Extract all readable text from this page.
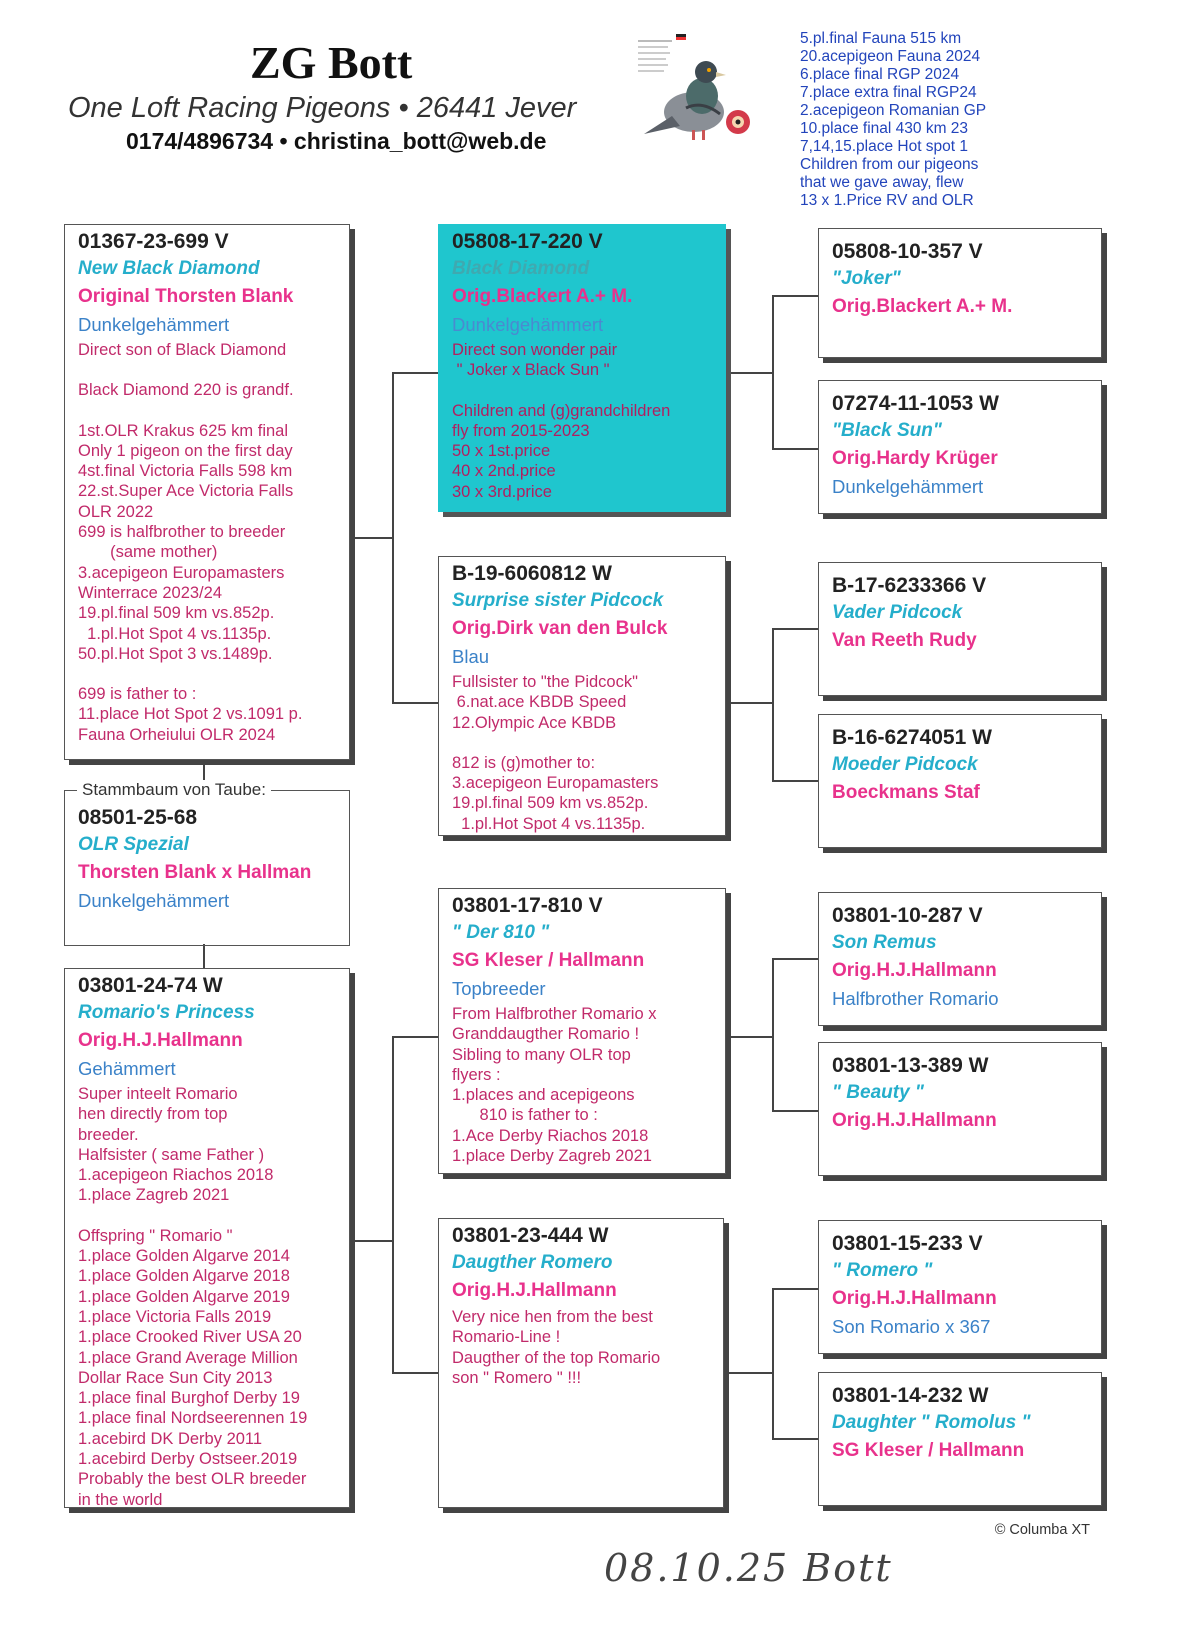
ZG Bott
One Loft Racing Pigeons • 26441 Jever
0174/4896734 • christina_bott@web.de
5.pl.final Fauna 515 km
20.acepigeon Fauna 2024
6.place final RGP 2024
7.place extra final RGP24
2.acepigeon Romanian GP
10.place final 430 km 23
7,14,15.place Hot spot 1
Children from our pigeons
that we gave away, flew
13 x 1.Price RV and OLR
Stammbaum von Taube:
08501-25-68
OLR Spezial
Thorsten Blank x Hallman
Dunkelgehämmert
01367-23-699 V
New Black Diamond
Original Thorsten Blank
Dunkelgehämmert
Direct son of Black Diamond
Black Diamond 220 is grandf.
1st.OLR Krakus 625 km final
Only 1 pigeon on the first day
4st.final Victoria Falls 598 km
22.st.Super Ace Victoria Falls
OLR 2022
699 is halfbrother to breeder
(same mother)
3.acepigeon Europamasters
Winterrace 2023/24
19.pl.final 509 km vs.852p.
1.pl.Hot Spot 4 vs.1135p.
50.pl.Hot Spot 3 vs.1489p.
699 is father to :
11.place Hot Spot 2 vs.1091 p.
Fauna Orheiului OLR 2024
03801-24-74 W
Romario's Princess
Orig.H.J.Hallmann
Gehämmert
Super inteelt Romario
hen directly from top
breeder.
Halfsister ( same Father )
1.acepigeon Riachos 2018
1.place Zagreb 2021
Offspring " Romario "
1.place Golden Algarve 2014
1.place Golden Algarve 2018
1.place Golden Algarve 2019
1.place Victoria Falls 2019
1.place Crooked River USA 20
1.place Grand Average Million
Dollar Race Sun City 2013
1.place final Burghof Derby 19
1.place final Nordseerennen 19
1.acebird DK Derby 2011
1.acebird Derby Ostseer.2019
Probably the best OLR breeder
in the world
05808-17-220 V
Black Diamond
Orig.Blackert A.+ M.
Dunkelgehämmert
Direct son wonder pair
" Joker x Black Sun "
Children and (g)grandchildren
fly from 2015-2023
50 x 1st.price
40 x 2nd.price
30 x 3rd.price
B-19-6060812 W
Surprise sister Pidcock
Orig.Dirk van den Bulck
Blau
Fullsister to "the Pidcock"
6.nat.ace KBDB Speed
12.Olympic Ace KBDB
812 is (g)mother to:
3.acepigeon Europamasters
19.pl.final 509 km vs.852p.
1.pl.Hot Spot 4 vs.1135p.
03801-17-810 V
" Der 810 "
SG Kleser / Hallmann
Topbreeder
From Halfbrother Romario x
Granddaugther Romario !
Sibling to many OLR top
flyers :
1.places and acepigeons
810 is father to :
1.Ace Derby Riachos 2018
1.place Derby Zagreb 2021
03801-23-444 W
Daugther Romero
Orig.H.J.Hallmann
Very nice hen from the best
Romario-Line !
Daugther of the top Romario
son " Romero " !!!
05808-10-357 V
"Joker"
Orig.Blackert A.+ M.
07274-11-1053 W
"Black Sun"
Orig.Hardy Krüger
Dunkelgehämmert
B-17-6233366 V
Vader Pidcock
Van Reeth Rudy
B-16-6274051 W
Moeder Pidcock
Boeckmans Staf
03801-10-287 V
Son Remus
Orig.H.J.Hallmann
Halfbrother Romario
03801-13-389 W
" Beauty "
Orig.H.J.Hallmann
03801-15-233 V
" Romero "
Orig.H.J.Hallmann
Son Romario x 367
03801-14-232 W
Daughter " Romolus "
SG Kleser / Hallmann
© Columba XT
08.10.25 Bott
